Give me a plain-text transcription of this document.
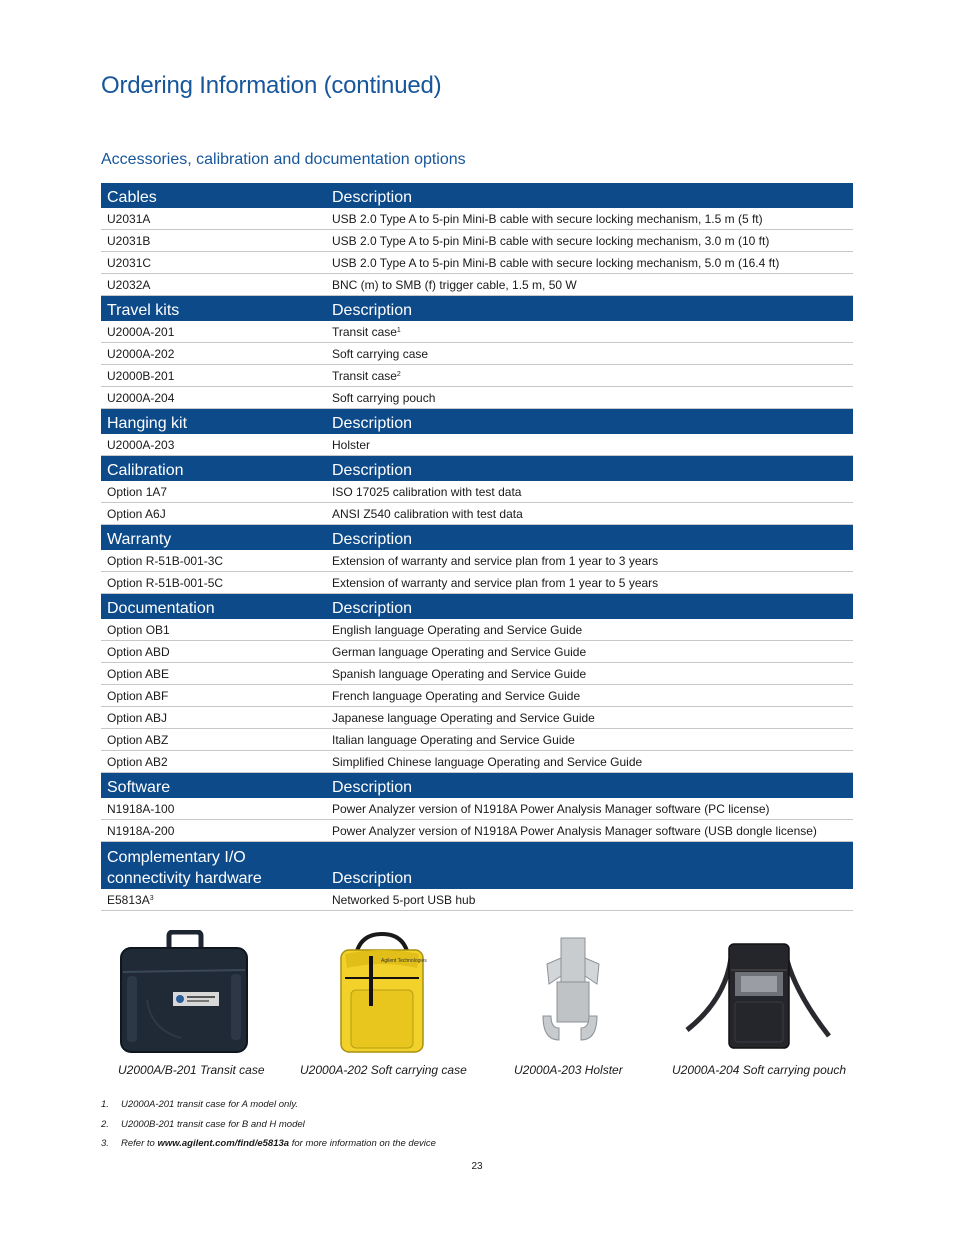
Ordering Information (continued)
Accessories, calibration and documentation options
Cables	Description
U2031A	USB 2.0 Type A to 5-pin Mini-B cable with secure locking mechanism, 1.5 m (5 ft)
U2031B	USB 2.0 Type A to 5-pin Mini-B cable with secure locking mechanism, 3.0 m (10 ft)
U2031C	USB 2.0 Type A to 5-pin Mini-B cable with secure locking mechanism, 5.0 m (16.4 ft)
U2032A	BNC (m) to SMB (f) trigger cable, 1.5 m, 50 W
Travel kits	Description
U2000A-201	Transit case$^1$
U2000A-202	Soft carrying case
U2000B-201	Transit case$^2$
U2000A-204	Soft carrying pouch
Hanging kit	Description
U2000A-203	Holster
Calibration	Description
Option 1A7	ISO 17025 calibration with test data
Option A6J	ANSI Z540 calibration with test data
Warranty	Description
Option R-51B-001-3C	Extension of warranty and service plan from 1 year to 3 years
Option R-51B-001-5C	Extension of warranty and service plan from 1 year to 5 years
Documentation	Description
Option OB1	English language Operating and Service Guide
Option ABD	German language Operating and Service Guide
Option ABE	Spanish language Operating and Service Guide
Option ABF	French language Operating and Service Guide
Option ABJ	Japanese language Operating and Service Guide
Option ABZ	Italian language Operating and Service Guide
Option AB2	Simplified Chinese language Operating and Service Guide
Software	Description
N1918A-100	Power Analyzer version of N1918A Power Analysis Manager software (PC license)
N1918A-200	Power Analyzer version of N1918A Power Analysis Manager software (USB dongle license)
Complementary I/O connectivity hardware	Description
$E5813A^3$	Networked 5-port USB hub
Agilent Technologies
U2000A/B-201 Transit case	U2000A-202 Soft carrying case	U2000A-203 Holster	U2000A-204 Soft carrying pouch
1. U2000A-201 transit case for A model only.
2. U2000B-201 transit case for B and H model
3. Refer to www.agilent.com/find/e5813a for more information on the device
23
